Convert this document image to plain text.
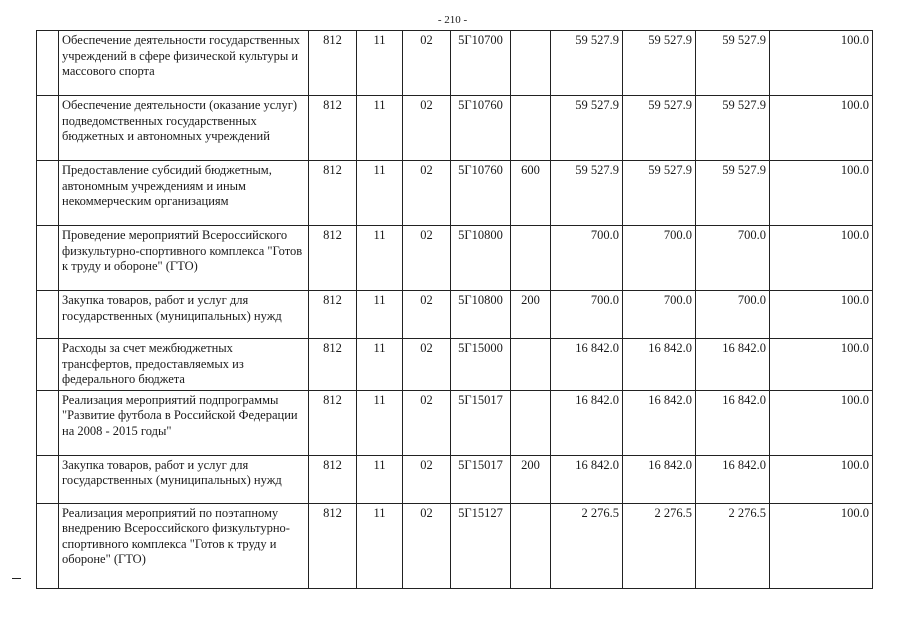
- 210 -
	Обеспечение деятельности государственных учреждений в сфере физической культуры и массового спорта	812	11	02	5Г10700		59 527.9	59 527.9	59 527.9	100.0
	Обеспечение деятельности (оказание услуг) подведомственных государственных бюджетных и автономных учреждений	812	11	02	5Г10760		59 527.9	59 527.9	59 527.9	100.0
	Предоставление субсидий бюджетным, автономным учреждениям и иным некоммерческим организациям	812	11	02	5Г10760	600	59 527.9	59 527.9	59 527.9	100.0
	Проведение мероприятий Всероссийского физкультурно-спортивного комплекса "Готов к труду и обороне" (ГТО)	812	11	02	5Г10800		700.0	700.0	700.0	100.0
	Закупка товаров, работ и услуг для государственных (муниципальных) нужд	812	11	02	5Г10800	200	700.0	700.0	700.0	100.0
	Расходы за счет межбюджетных трансфертов, предоставляемых из федерального бюджета	812	11	02	5Г15000		16 842.0	16 842.0	16 842.0	100.0
	Реализация мероприятий подпрограммы "Развитие футбола в Российской Федерации на 2008 - 2015 годы"	812	11	02	5Г15017		16 842.0	16 842.0	16 842.0	100.0
	Закупка товаров, работ и услуг для государственных (муниципальных) нужд	812	11	02	5Г15017	200	16 842.0	16 842.0	16 842.0	100.0
	Реализация мероприятий по поэтапному внедрению Всероссийского физкультурно-спортивного комплекса "Готов к труду и обороне" (ГТО)	812	11	02	5Г15127		2 276.5	2 276.5	2 276.5	100.0
